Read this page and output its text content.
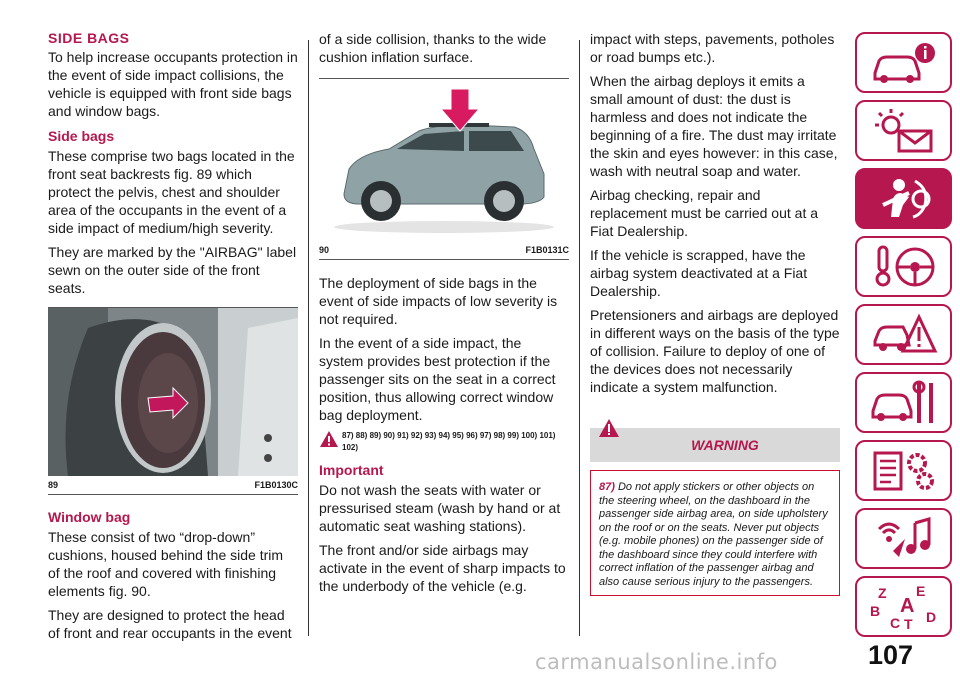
SIDE BAGS

To help increase occupants protection in the event of side impact collisions, the vehicle is equipped with front side bags and window bags.

Side bags

These comprise two bags located in the front seat backrests fig. 89 which protect the pelvis, chest and shoulder area of the occupants in the event of a side impact of medium/high severity.

They are marked by the "AIRBAG" label sewn on the outer side of the front seats.

89	F1B0130C
Window bag

These consist of two “drop-down” cushions, housed behind the side trim of the roof and covered with finishing elements fig. 90.

They are designed to protect the head of front and rear occupants in the event

of a side collision, thanks to the wide cushion inflation surface.

90	F1B0131C

The deployment of side bags in the event of side impacts of low severity is not required.

In the event of a side impact, the system provides best protection if the passenger sits on the seat in a correct position, thus allowing correct window bag deployment.

87) 88) 89) 90) 91) 92) 93) 94) 95) 96) 97) 98) 99) 100) 101) 102)
Important

Do not wash the seats with water or pressurised steam (wash by hand or at automatic seat washing stations).

The front and/or side airbags may activate in the event of sharp impacts to the underbody of the vehicle (e.g.

impact with steps, pavements, potholes or road bumps etc.).

When the airbag deploys it emits a small amount of dust: the dust is harmless and does not indicate the beginning of a fire. The dust may irritate the skin and eyes however: in this case, wash with neutral soap and water.

Airbag checking, repair and replacement must be carried out at a Fiat Dealership.

If the vehicle is scrapped, have the airbag system deactivated at a Fiat Dealership.

Pretensioners and airbags are deployed in different ways on the basis of the type of collision. Failure to deploy of one of the devices does not necessarily indicate a system malfunction.

WARNING

87) Do not apply stickers or other objects on the steering wheel, on the dashboard in the passenger side airbag area, on side upholstery on the roof or on the seats. Never put objects (e.g. mobile phones) on the passenger side of the dashboard since they could interfere with correct inflation of the passenger airbag and also cause serious injury to the passengers.

Z E
B A
C T D
carmanualsonline.info	107
